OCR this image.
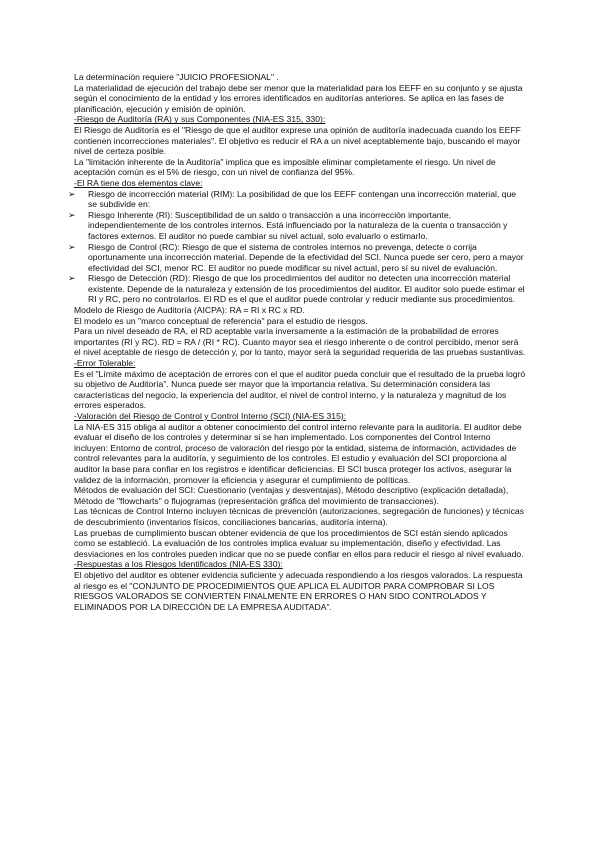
La determinación requiere "JUICIO PROFESIONAL" .

La materialidad de ejecución del trabajo debe ser menor que la materialidad para los EEFF en su conjunto y se ajusta según el conocimiento de la entidad y los errores identificados en auditorías anteriores. Se aplica en las fases de planificación, ejecución y emisión de opinión.

-Riesgo de Auditoría (RA) y sus Componentes (NIA-ES 315, 330):

El Riesgo de Auditoría es el "Riesgo de que el auditor exprese una opinión de auditoría inadecuada cuando los EEFF contienen incorrecciones materiales". El objetivo es reducir el RA a un nivel aceptablemente bajo, buscando el mayor nivel de certeza posible.

La "limitación inherente de la Auditoría" implica que es imposible eliminar completamente el riesgo. Un nivel de aceptación común es el 5% de riesgo, con un nivel de confianza del 95%.

-El RA tiene dos elementos clave:

➢ Riesgo de incorrección material (RIM): La posibilidad de que los EEFF contengan una incorrección material, que se subdivide en:
➢ Riesgo Inherente (RI): Susceptibilidad de un saldo o transacción a una incorrección importante, independientemente de los controles internos. Está influenciado por la naturaleza de la cuenta o transacción y factores externos. El auditor no puede cambiar su nivel actual, solo evaluarlo o estimarlo.
➢ Riesgo de Control (RC): Riesgo de que el sistema de controles internos no prevenga, detecte o corrija oportunamente una incorrección material. Depende de la efectividad del SCI. Nunca puede ser cero, pero a mayor efectividad del SCI, menor RC. El auditor no puede modificar su nivel actual, pero sí su nivel de evaluación.
➢ Riesgo de Detección (RD): Riesgo de que los procedimientos del auditor no detecten una incorrección material existente. Depende de la naturaleza y extensión de los procedimientos del auditor. El auditor solo puede estimar el RI y RC, pero no controlarlos. El RD es el que el auditor puede controlar y reducir mediante sus procedimientos.

Modelo de Riesgo de Auditoría (AICPA): RA = RI x RC x RD.

El modelo es un "marco conceptual de referencia" para el estudio de riesgos.

Para un nivel deseado de RA, el RD aceptable varía inversamente a la estimación de la probabilidad de errores importantes (RI y RC). RD = RA / (RI * RC). Cuanto mayor sea el riesgo inherente o de control percibido, menor será el nivel aceptable de riesgo de detección y, por lo tanto, mayor será la seguridad requerida de las pruebas sustantivas.

-Error Tolerable:

Es el "Límite máximo de aceptación de errores con el que el auditor pueda concluir que el resultado de la prueba logró su objetivo de Auditoría". Nunca puede ser mayor que la importancia relativa. Su determinación considera las características del negocio, la experiencia del auditor, el nivel de control interno, y la naturaleza y magnitud de los errores esperados.

-Valoración del Riesgo de Control y Control Interno (SCI) (NIA-ES 315):

La NIA-ES 315 obliga al auditor a obtener conocimiento del control interno relevante para la auditoría. El auditor debe evaluar el diseño de los controles y determinar si se han implementado. Los componentes del Control Interno incluyen: Entorno de control, proceso de valoración del riesgo por la entidad, sistema de información, actividades de control relevantes para la auditoría, y seguimiento de los controles. El estudio y evaluación del SCI proporciona al auditor la base para confiar en los registros e identificar deficiencias. El SCI busca proteger los activos, asegurar la validez de la información, promover la eficiencia y asegurar el cumplimiento de políticas.

Métodos de evaluación del SCI: Cuestionario (ventajas y desventajas), Método descriptivo (explicación detallada), Método de "flowcharts" o flujogramas (representación gráfica del movimiento de transacciones).

Las técnicas de Control Interno incluyen técnicas de prevención (autorizaciones, segregación de funciones) y técnicas de descubrimiento (inventarios físicos, conciliaciones bancarias, auditoría interna).

Las pruebas de cumplimiento buscan obtener evidencia de que los procedimientos de SCI están siendo aplicados como se estableció. La evaluación de los controles implica evaluar su implementación, diseño y efectividad. Las desviaciones en los controles pueden indicar que no se puede confiar en ellos para reducir el riesgo al nivel evaluado.

-Respuestas a los Riesgos Identificados (NIA-ES 330):

El objetivo del auditor es obtener evidencia suficiente y adecuada respondiendo a los riesgos valorados. La respuesta al riesgo es el "CONJUNTO DE PROCEDIMIENTOS QUE APLICA EL AUDITOR PARA COMPROBAR SI LOS RIESGOS VALORADOS SE CONVIERTEN FINALMENTE EN ERRORES O HAN SIDO CONTROLADOS Y ELIMINADOS POR LA DIRECCIÓN DE LA EMPRESA AUDITADA".
